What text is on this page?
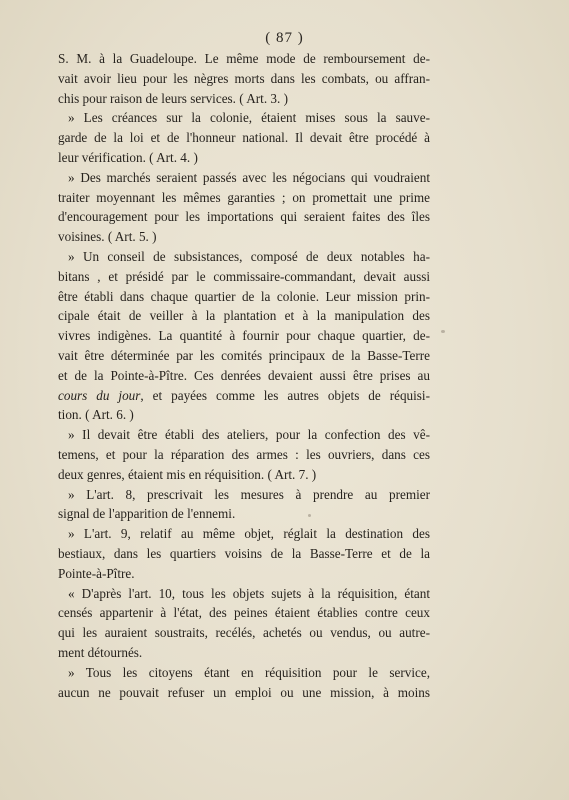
( 87 )
S. M. à la Guadeloupe. Le même mode de remboursement de-
vait avoir lieu pour les nègres morts dans les combats, ou affran-
chis pour raison de leurs services. ( Art. 3. )
» Les créances sur la colonie, étaient mises sous la sauve-
garde de la loi et de l'honneur national. Il devait être procédé à
leur vérification. ( Art. 4. )
» Des marchés seraient passés avec les négocians qui voudraient
traiter moyennant les mêmes garanties ; on promettait une prime
d'encouragement pour les importations qui seraient faites des îles
voisines. ( Art. 5. )
» Un conseil de subsistances, composé de deux notables ha-
bitans , et présidé par le commissaire-commandant, devait aussi
être établi dans chaque quartier de la colonie. Leur mission prin-
cipale était de veiller à la plantation et à la manipulation des
vivres indigènes. La quantité à fournir pour chaque quartier, de-
vait être déterminée par les comités principaux de la Basse-Terre
et de la Pointe-à-Pître. Ces denrées devaient aussi être prises au
cours du jour, et payées comme les autres objets de réquisi-
tion. ( Art. 6. )
» Il devait être établi des ateliers, pour la confection des vê-
temens, et pour la réparation des armes : les ouvriers, dans ces
deux genres, étaient mis en réquisition. ( Art. 7. )
» L'art. 8, prescrivait les mesures à prendre au premier
signal de l'apparition de l'ennemi.
» L'art. 9, relatif au même objet, réglait la destination des
bestiaux, dans les quartiers voisins de la Basse-Terre et de la
Pointe-à-Pître.
« D'après l'art. 10, tous les objets sujets à la réquisition, étant
censés appartenir à l'état, des peines étaient établies contre ceux
qui les auraient soustraits, recélés, achetés ou vendus, ou autre-
ment détournés.
» Tous les citoyens étant en réquisition pour le service,
aucun ne pouvait refuser un emploi ou une mission, à moins
